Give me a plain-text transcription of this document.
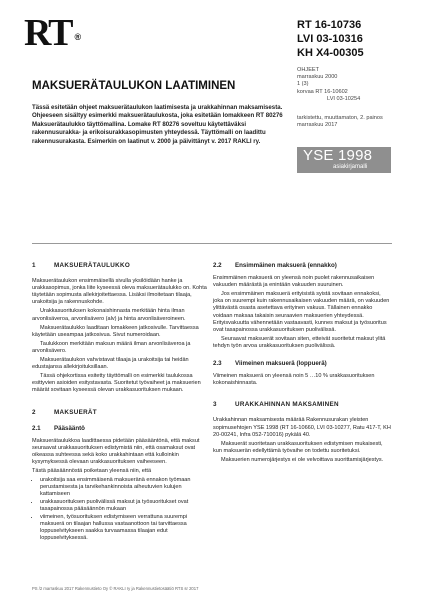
RT ®
RT 16-10736
LVI 03-10316
KH X4-00305
OHJEET
marraskuu 2000
1 (3)
korvaa RT 16-10602
LVI 03-10254
tarkistettu, muuttamaton, 2. painos
marraskuu 2017
YSE 1998
asiakirjamalli
MAKSUERÄTAULUKON LAATIMINEN

Tässä esitetään ohjeet maksuerätaulukon laatimisesta ja urakkahinnan maksamisesta. Ohjeeseen sisältyy esimerkki maksuerätaulukosta, joka esitetään lomakkeen RT 80276 Maksuerätaulukko täyttömallina. Lomake RT 80276 soveltuu käytettäväksi rakennusurakka- ja erikoisurakkasopimusten yhteydessä. Täyttömalli on laadittu rakennusurakasta. Esimerkin on laatinut v. 2000 ja päivittänyt v. 2017 RAKLI ry.

1	MAKSUERÄTAULUKKO

Maksuerätaulukon ensimmäisellä sivulla yksilöidään hanke ja urakkasopimus, jonka liite kyseessä oleva maksuerätaulukko on. Kohta täytetään sopimusta allekirjoitettaessa. Lisäksi ilmoitetaan tilaaja, urakoitsija ja rakennuskohde.

Urakkasuorituksen kokonaishinnasta merkitään hinta ilman arvonlisäveroa, arvonlisävero (alv) ja hinta arvonlisäveroineen.

Maksuerätaulukko laaditaan lomakkeen jatkosivulle. Tarvittaessa käytetään useampaa jatkosivua. Sivut numeroidaan.

Taulukkoon merkitään maksun määrä ilman arvonlisäveroa ja arvonlisävero.

Maksuerätaulukon vahvistavat tilaaja ja urakoitsija tai heidän edustajansa allekirjoituksillaan.

Tässä ohjekortissa esitetty täyttömalli on esimerkki taulukossa esittyvien asioiden esitystavasta. Suoritetut työvaiheet ja maksuerien määrät sovitaan kyseessä olevan urakkasuorituksen mukaan.

2	MAKSUERÄT
2.1 Pääsääntö

Maksuerätaulukkoa laadittaessa pidetään pääsääntönä, että maksut seuraavat urakkasuorituksen edistymistä niin, että osamaksut ovat oikeassa suhteessa sekä koko urakkahintaan että kulloinkin kysymyksessä olevaan urakkasuorituksen vaiheeseen.

Tästä pääsäännöstä poiketaan yleensä niin, että

• urakoitsija saa ensimmäisenä maksueränä ennakon työmaan perustamisesta ja tarvikehankinnoista aiheutuvien kulujen kattamiseen
• urakkasuorituksen puolivälissä maksut ja työsuoritukset ovat tasapainossa pääsäännön mukaan
• viimeinen, työsuorituksen edistymiseen verrattuna suurempi maksuerä on tilaajan hallussa vastaanottoon tai tarvittaessa loppuselvitykseen saakka turvaamassa tilaajan edut loppuselvityksessä.
2.2 Ensimmäinen maksuerä (ennakko)

Ensimmäinen maksuerä on yleensä noin puolet rakennusaikaisen vakuuden määrästä ja enintään vakuuden suuruinen.

Jos ensimmäinen maksuerä erityisistä syistä sovitaan ennakoksi, joka on suurempi kuin rakennusaikaisen vakuuden määrä, on vakuuden ylittävästä osasta asetettava erityinen vakuus. Tällainen ennakko voidaan maksaa takaisin seuraavien maksuerien yhteydessä. Erityisvakuutta vähennetään vastaavasti, kunnes maksut ja työsuoritus ovat tasapainossa urakkasuorituksen puolivälissä.

Seuraavat maksuerät sovitaan siten, etteivät suoritetut maksut ylitä tehdyn työn arvoa urakkasuorituksen puolivälissä.

2.3 Viimeinen maksuerä (loppuerä)

Viimeinen maksuerä on yleensä noin 5 …10 % urakkasuorituksen kokonaishinnasta.

3	URAKKAHINNAN MAKSAMINEN

Urakkahinnan maksamisesta määrää Rakennusurakan yleisten sopimusehtojen YSE 1998 (RT 16-10660, LVI 03-10277, Ratu 417-T, KH 20-00241, Infra 052-710016) pykälä 40.

Maksuerät suoritetaan urakkasuorituksen edistymisen mukaisesti, kun maksuerän edellyttämä työvaihe on todettu suoritetuksi.

Maksuerien numerojärjestys ei ole velvoittava suorittamisjärjestys.

PS /2 marraskuu 2017 Rakennustieto Oy © RAKLI ry ja Rakennustietosäätiö RTS sr 2017
